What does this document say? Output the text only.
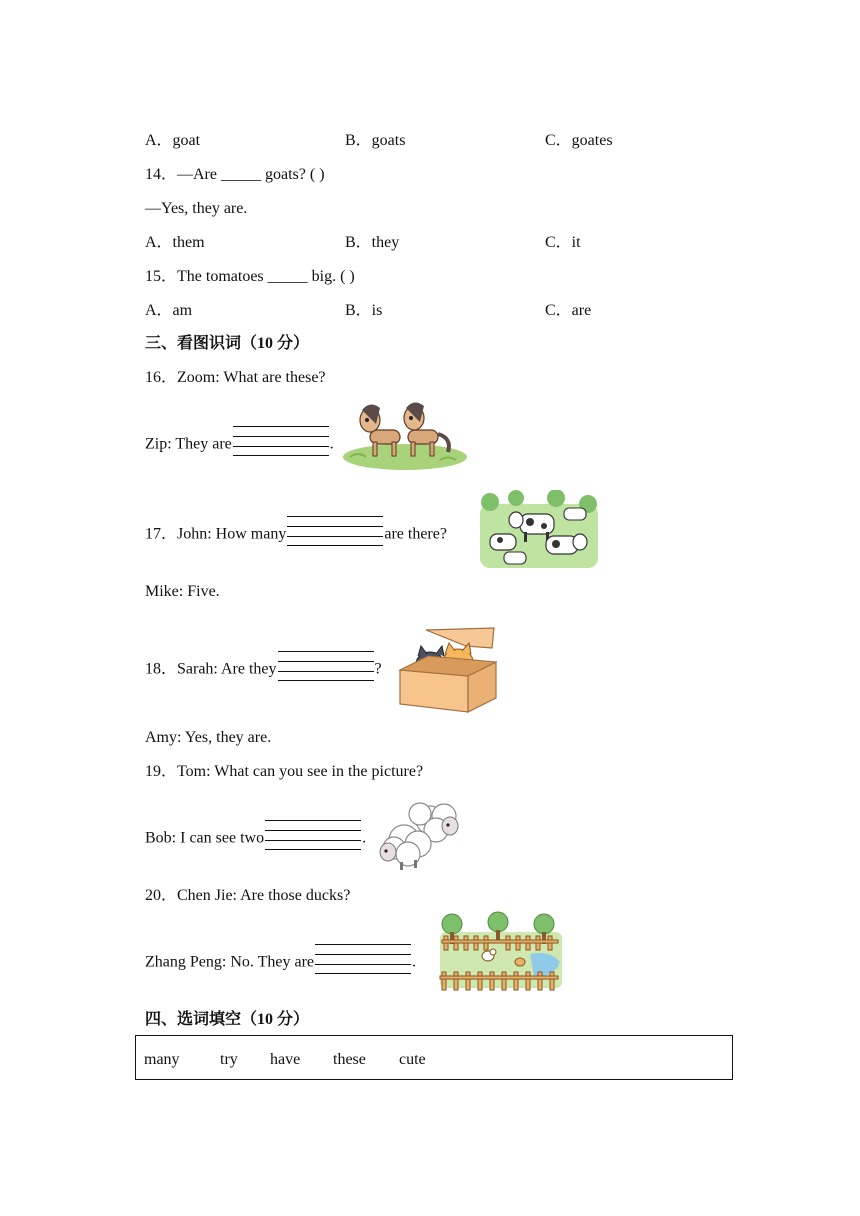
A．goat	B．goats	C．goates
14．—Are _____ goats? ( )
—Yes, they are.
A．them	B．they	C．it
15．The tomatoes _____ big. ( )
A．am	B．is	C．are
三、看图识词（10 分）
16．Zoom: What are these?
Zip: They are	.
17．John: How many	are there?
Mike: Five.
18．Sarah: Are they	?
Amy: Yes, they are.
19．Tom: What can you see in the picture?
Bob: I can see two	.
20．Chen Jie: Are those ducks?
Zhang Peng: No. They are	.
四、选词填空（10 分）
many	try have these cute
